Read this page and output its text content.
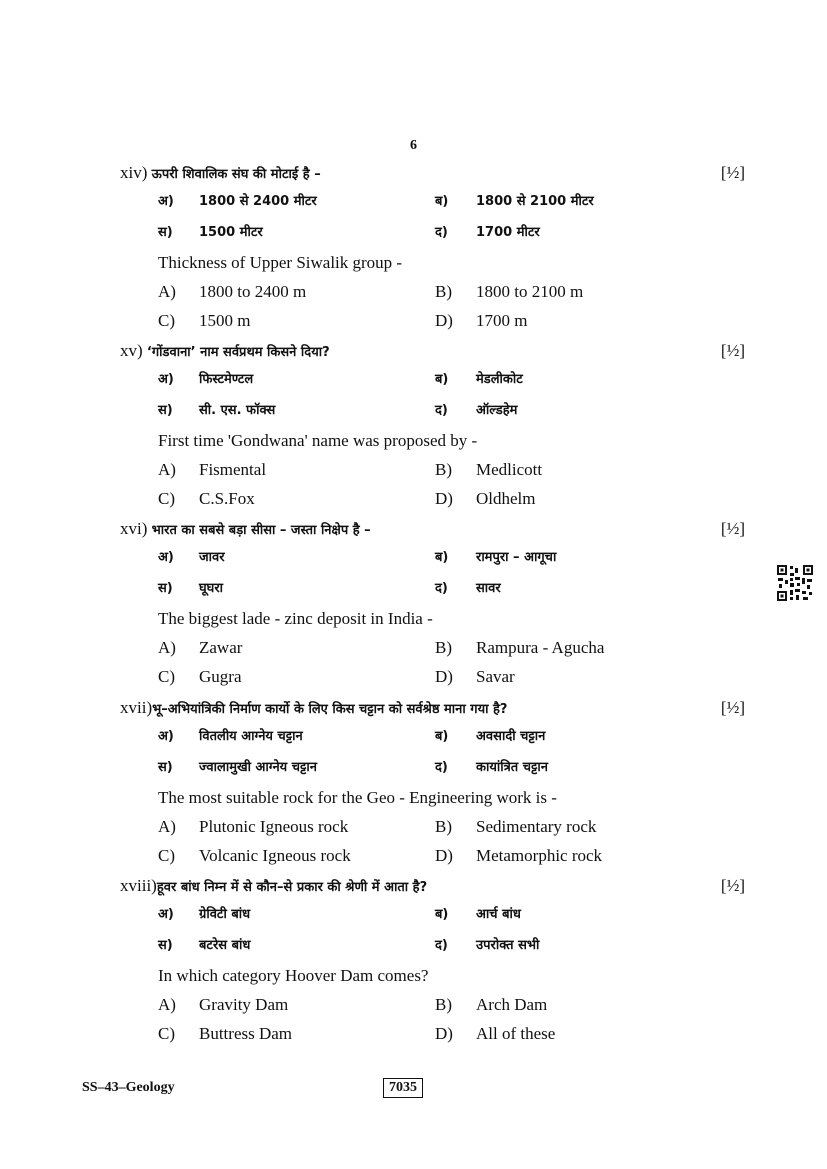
6
xiv) ऊपरी शिवालिक संघ की मोटाई है –	[½]
अ) 1800 से 2400 मीटर	ब) 1800 से 2100 मीटर
स) 1500 मीटर	द) 1700 मीटर
Thickness of Upper Siwalik group -
A) 1800 to 2400 m	B) 1800 to 2100 m
C) 1500 m	D) 1700 m
xv) ‘गोंडवाना’ नाम सर्वप्रथम किसने दिया?	[½]
अ) फिस्टमेण्टल	ब) मेडलीकोट
स) सी. एस. फॉक्स	द) ऑल्डहेम
First time 'Gondwana' name was proposed by -
A) Fismental	B) Medlicott
C) C.S.Fox	D) Oldhelm
xvi) भारत का सबसे बड़ा सीसा – जस्ता निक्षेप है –	[½]
अ) जावर	ब) रामपुरा – आगूचा
स) घूघरा	द) सावर
The biggest lade - zinc deposit in India -
A) Zawar	B) Rampura - Agucha
C) Gugra	D) Savar
xvii)भू–अभियांत्रिकी निर्माण कार्यो के लिए किस चट्टान को सर्वश्रेष्ठ माना गया है?	[½]
अ) वितलीय आग्नेय चट्टान	ब) अवसादी चट्टान
स) ज्वालामुखी आग्नेय चट्टान	द) कायांत्रित चट्टान
The most suitable rock for the Geo - Engineering work is -
A) Plutonic Igneous rock	B) Sedimentary rock
C) Volcanic Igneous rock	D) Metamorphic rock
xviii)हूवर बांध निम्न में से कौन–से प्रकार की श्रेणी में आता है?	[½]
अ) ग्रेविटी बांध	ब) आर्च बांध
स) बटरेस बांध	द) उपरोक्त सभी
In which category Hoover Dam comes?
A) Gravity Dam	B) Arch Dam
C) Buttress Dam	D) All of these
SS–43–Geology	7035
